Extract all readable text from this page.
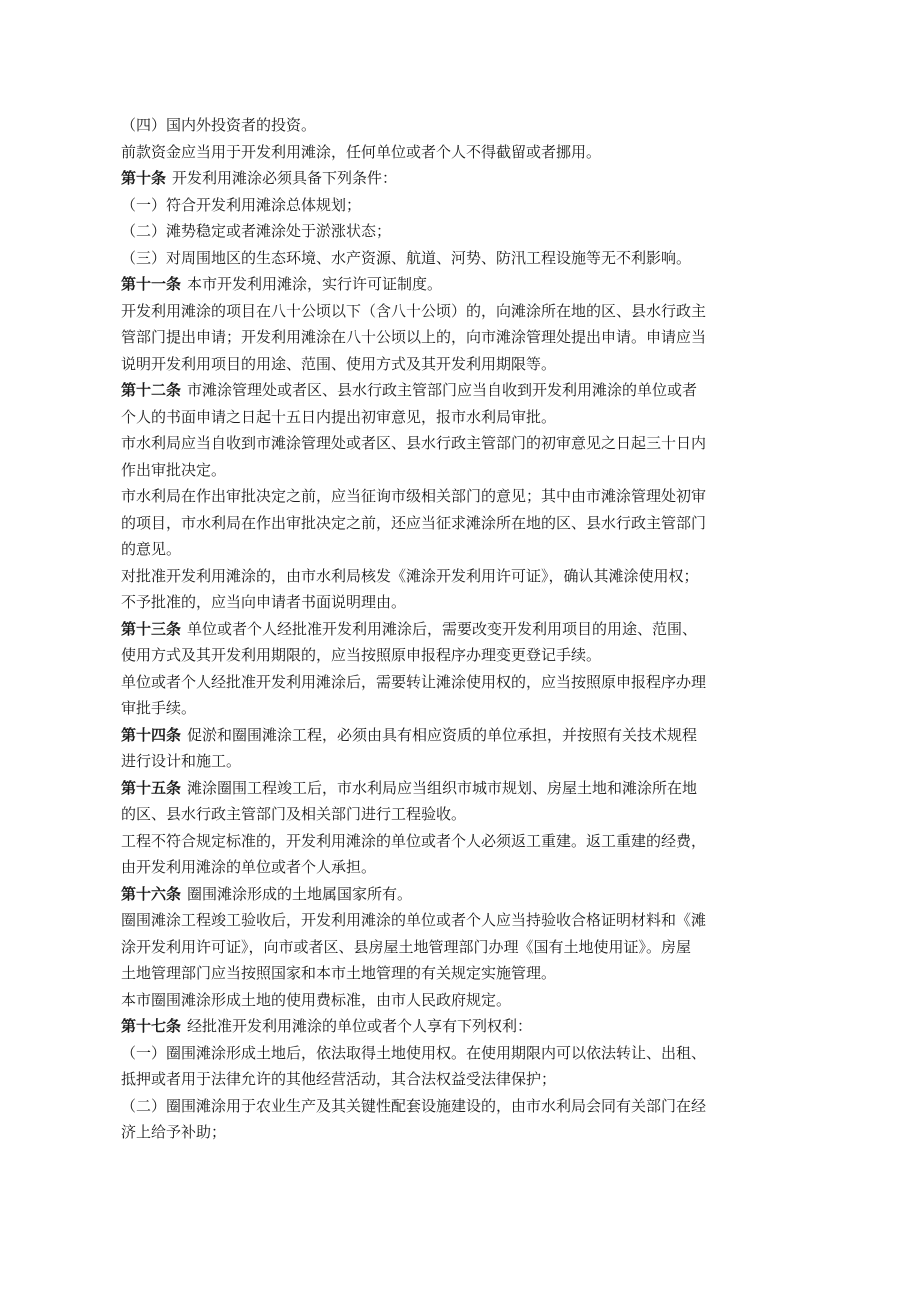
（四）国内外投资者的投资。

前款资金应当用于开发利用滩涂，任何单位或者个人不得截留或者挪用。

第十条 开发利用滩涂必须具备下列条件：

（一）符合开发利用滩涂总体规划；

（二）滩势稳定或者滩涂处于淤涨状态；

（三）对周围地区的生态环境、水产资源、航道、河势、防汛工程设施等无不利影响。

第十一条 本市开发利用滩涂，实行许可证制度。

开发利用滩涂的项目在八十公顷以下（含八十公顷）的，向滩涂所在地的区、县水行政主

管部门提出申请；开发利用滩涂在八十公顷以上的，向市滩涂管理处提出申请。申请应当

说明开发利用项目的用途、范围、使用方式及其开发利用期限等。

第十二条 市滩涂管理处或者区、县水行政主管部门应当自收到开发利用滩涂的单位或者

个人的书面申请之日起十五日内提出初审意见，报市水利局审批。

市水利局应当自收到市滩涂管理处或者区、县水行政主管部门的初审意见之日起三十日内

作出审批决定。

市水利局在作出审批决定之前，应当征询市级相关部门的意见；其中由市滩涂管理处初审

的项目，市水利局在作出审批决定之前，还应当征求滩涂所在地的区、县水行政主管部门

的意见。

对批准开发利用滩涂的，由市水利局核发《滩涂开发利用许可证》，确认其滩涂使用权；

不予批准的，应当向申请者书面说明理由。

第十三条 单位或者个人经批准开发利用滩涂后，需要改变开发利用项目的用途、范围、

使用方式及其开发利用期限的，应当按照原申报程序办理变更登记手续。

单位或者个人经批准开发利用滩涂后，需要转让滩涂使用权的，应当按照原申报程序办理

审批手续。

第十四条 促淤和圈围滩涂工程，必须由具有相应资质的单位承担，并按照有关技术规程

进行设计和施工。

第十五条 滩涂圈围工程竣工后，市水利局应当组织市城市规划、房屋土地和滩涂所在地

的区、县水行政主管部门及相关部门进行工程验收。

工程不符合规定标准的，开发利用滩涂的单位或者个人必须返工重建。返工重建的经费，

由开发利用滩涂的单位或者个人承担。

第十六条 圈围滩涂形成的土地属国家所有。

圈围滩涂工程竣工验收后，开发利用滩涂的单位或者个人应当持验收合格证明材料和《滩

涂开发利用许可证》，向市或者区、县房屋土地管理部门办理《国有土地使用证》。房屋

土地管理部门应当按照国家和本市土地管理的有关规定实施管理。

本市圈围滩涂形成土地的使用费标准，由市人民政府规定。

第十七条 经批准开发利用滩涂的单位或者个人享有下列权利：

（一）圈围滩涂形成土地后，依法取得土地使用权。在使用期限内可以依法转让、出租、

抵押或者用于法律允许的其他经营活动，其合法权益受法律保护；

（二）圈围滩涂用于农业生产及其关键性配套设施建设的，由市水利局会同有关部门在经

济上给予补助；
